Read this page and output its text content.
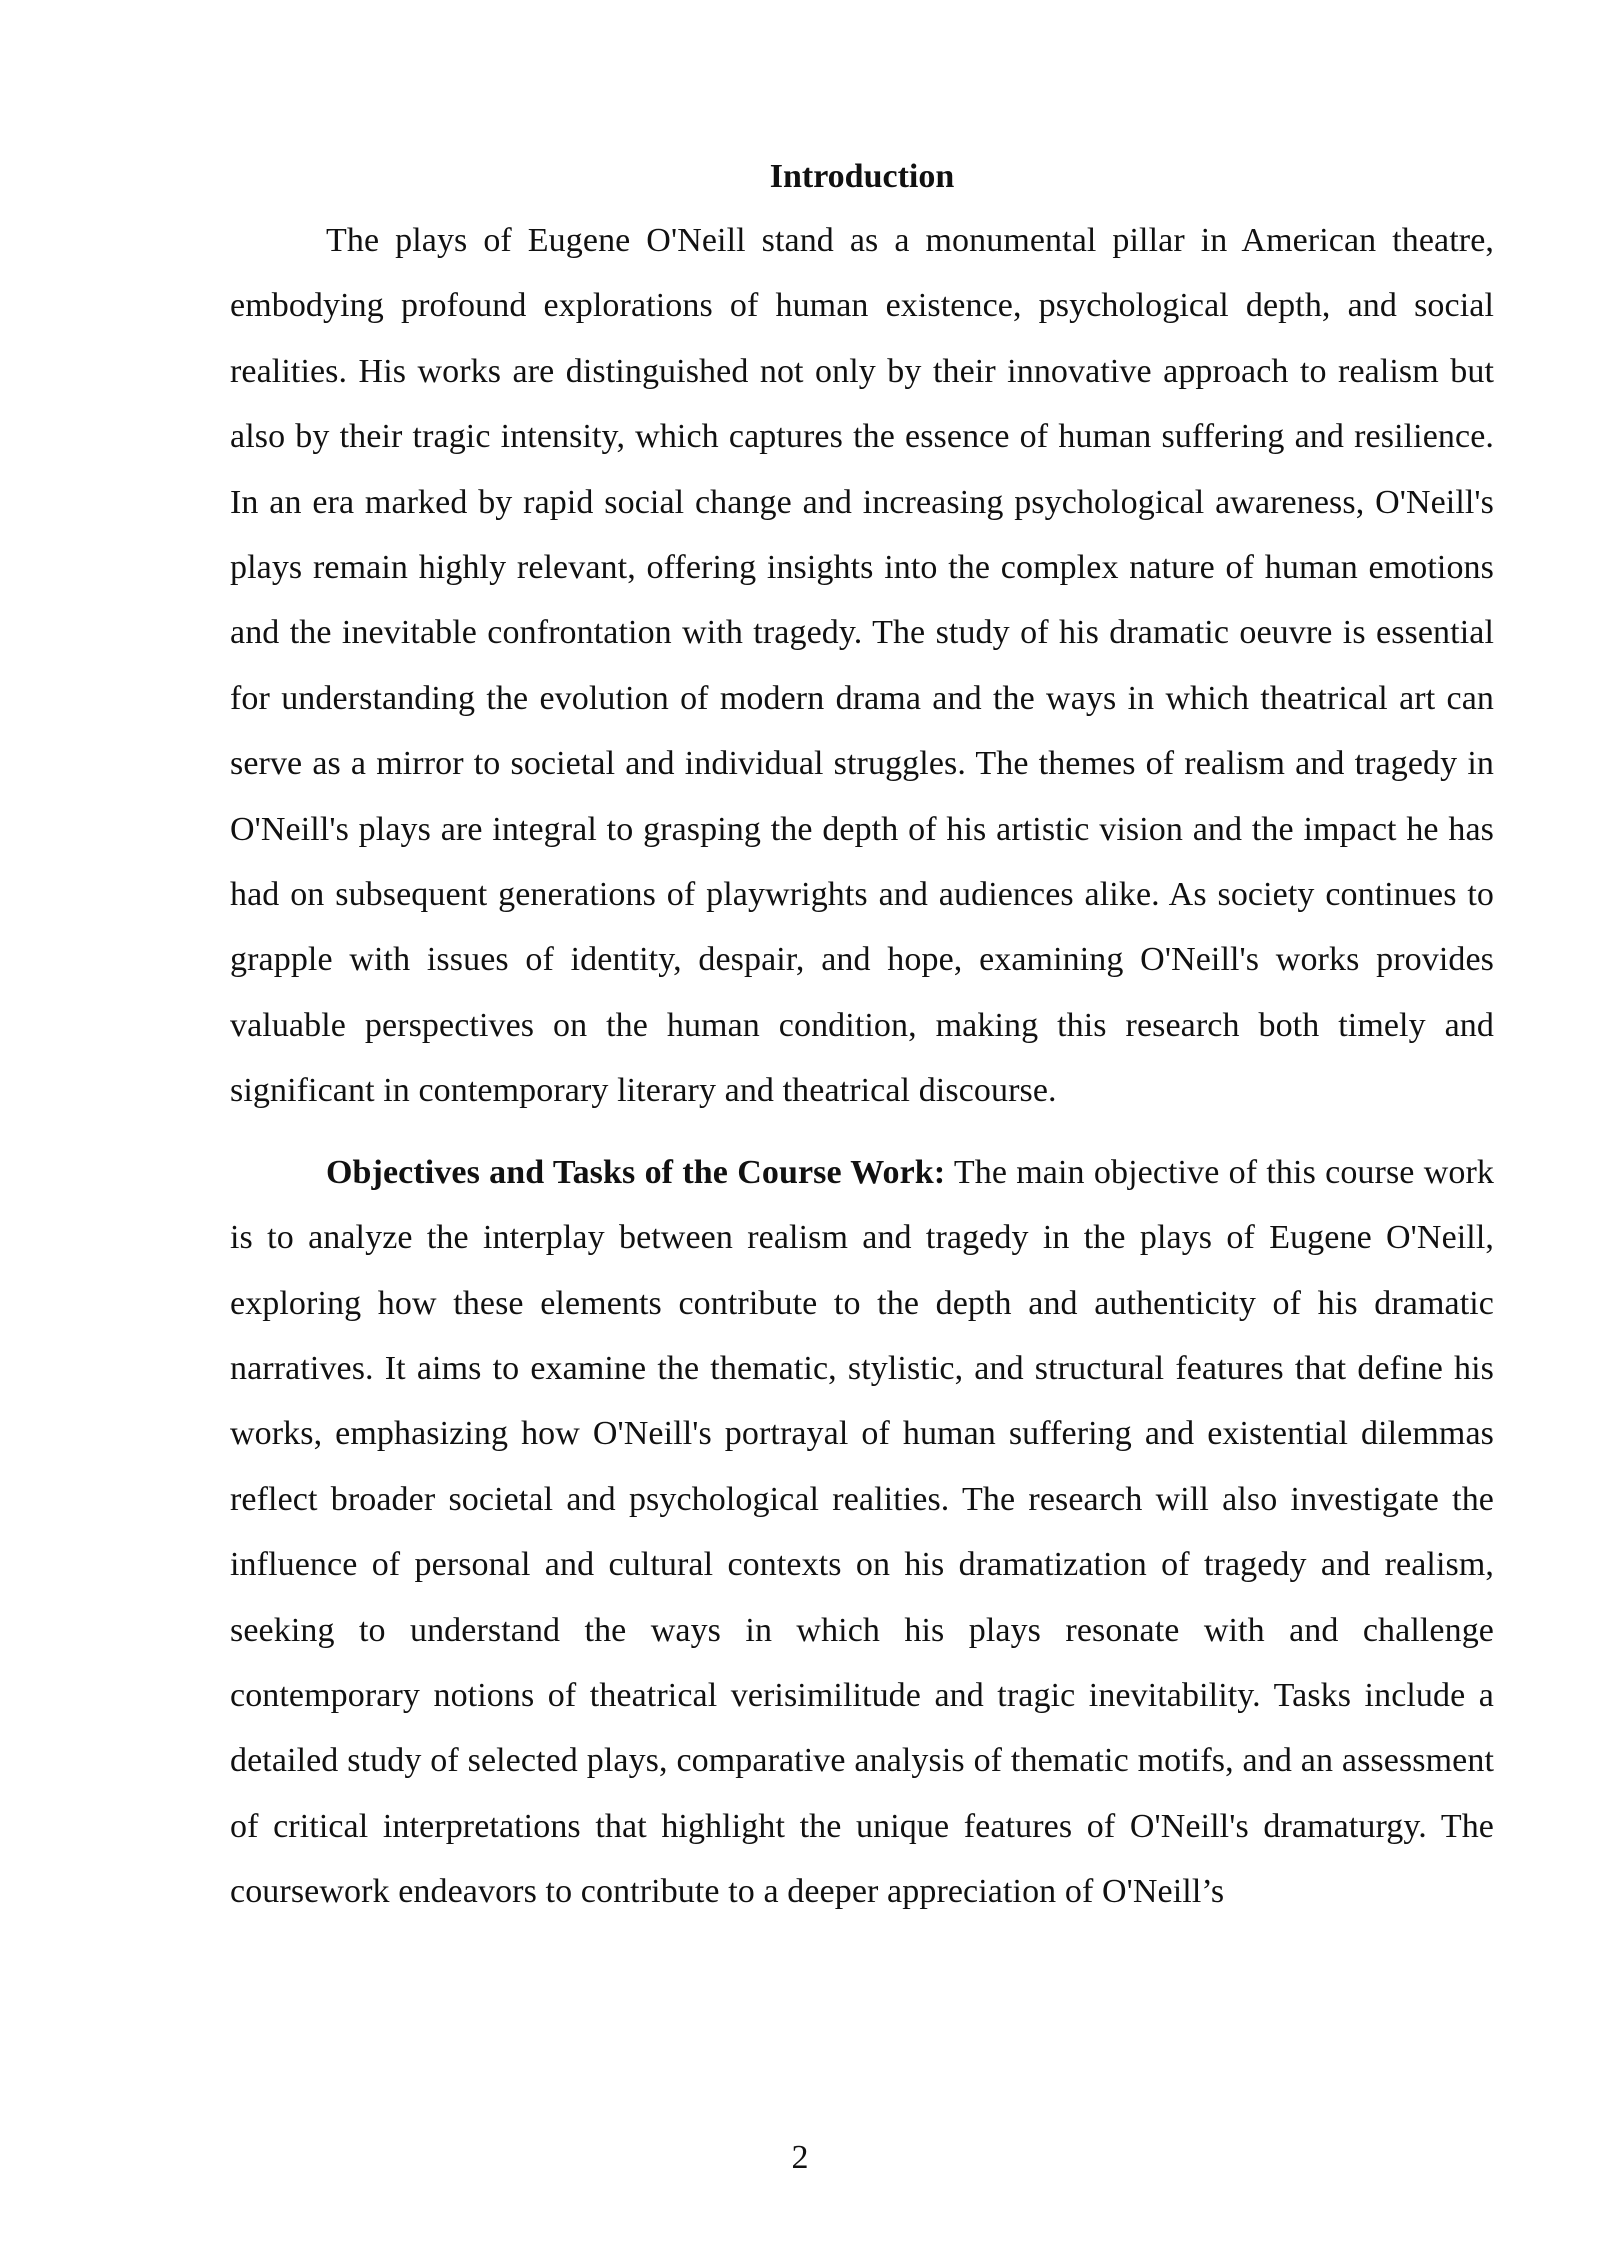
Introduction

The plays of Eugene O'Neill stand as a monumental pillar in American theatre, embodying profound explorations of human existence, psychological depth, and social realities. His works are distinguished not only by their innovative approach to realism but also by their tragic intensity, which captures the essence of human suffering and resilience. In an era marked by rapid social change and increasing psychological awareness, O'Neill's plays remain highly relevant, offering insights into the complex nature of human emotions and the inevitable confrontation with tragedy. The study of his dramatic oeuvre is essential for understanding the evolution of modern drama and the ways in which theatrical art can serve as a mirror to societal and individual struggles. The themes of realism and tragedy in O'Neill's plays are integral to grasping the depth of his artistic vision and the impact he has had on subsequent generations of playwrights and audiences alike. As society continues to grapple with issues of identity, despair, and hope, examining O'Neill's works provides valuable perspectives on the human condition, making this research both timely and significant in contemporary literary and theatrical discourse.

Objectives and Tasks of the Course Work: The main objective of this course work is to analyze the interplay between realism and tragedy in the plays of Eugene O'Neill, exploring how these elements contribute to the depth and authenticity of his dramatic narratives. It aims to examine the thematic, stylistic, and structural features that define his works, emphasizing how O'Neill's portrayal of human suffering and existential dilemmas reflect broader societal and psychological realities. The research will also investigate the influence of personal and cultural contexts on his dramatization of tragedy and realism, seeking to understand the ways in which his plays resonate with and challenge contemporary notions of theatrical verisimilitude and tragic inevitability. Tasks include a detailed study of selected plays, comparative analysis of thematic motifs, and an assessment of critical interpretations that highlight the unique features of O'Neill's dramaturgy. The coursework endeavors to contribute to a deeper appreciation of O'Neill’s

2
